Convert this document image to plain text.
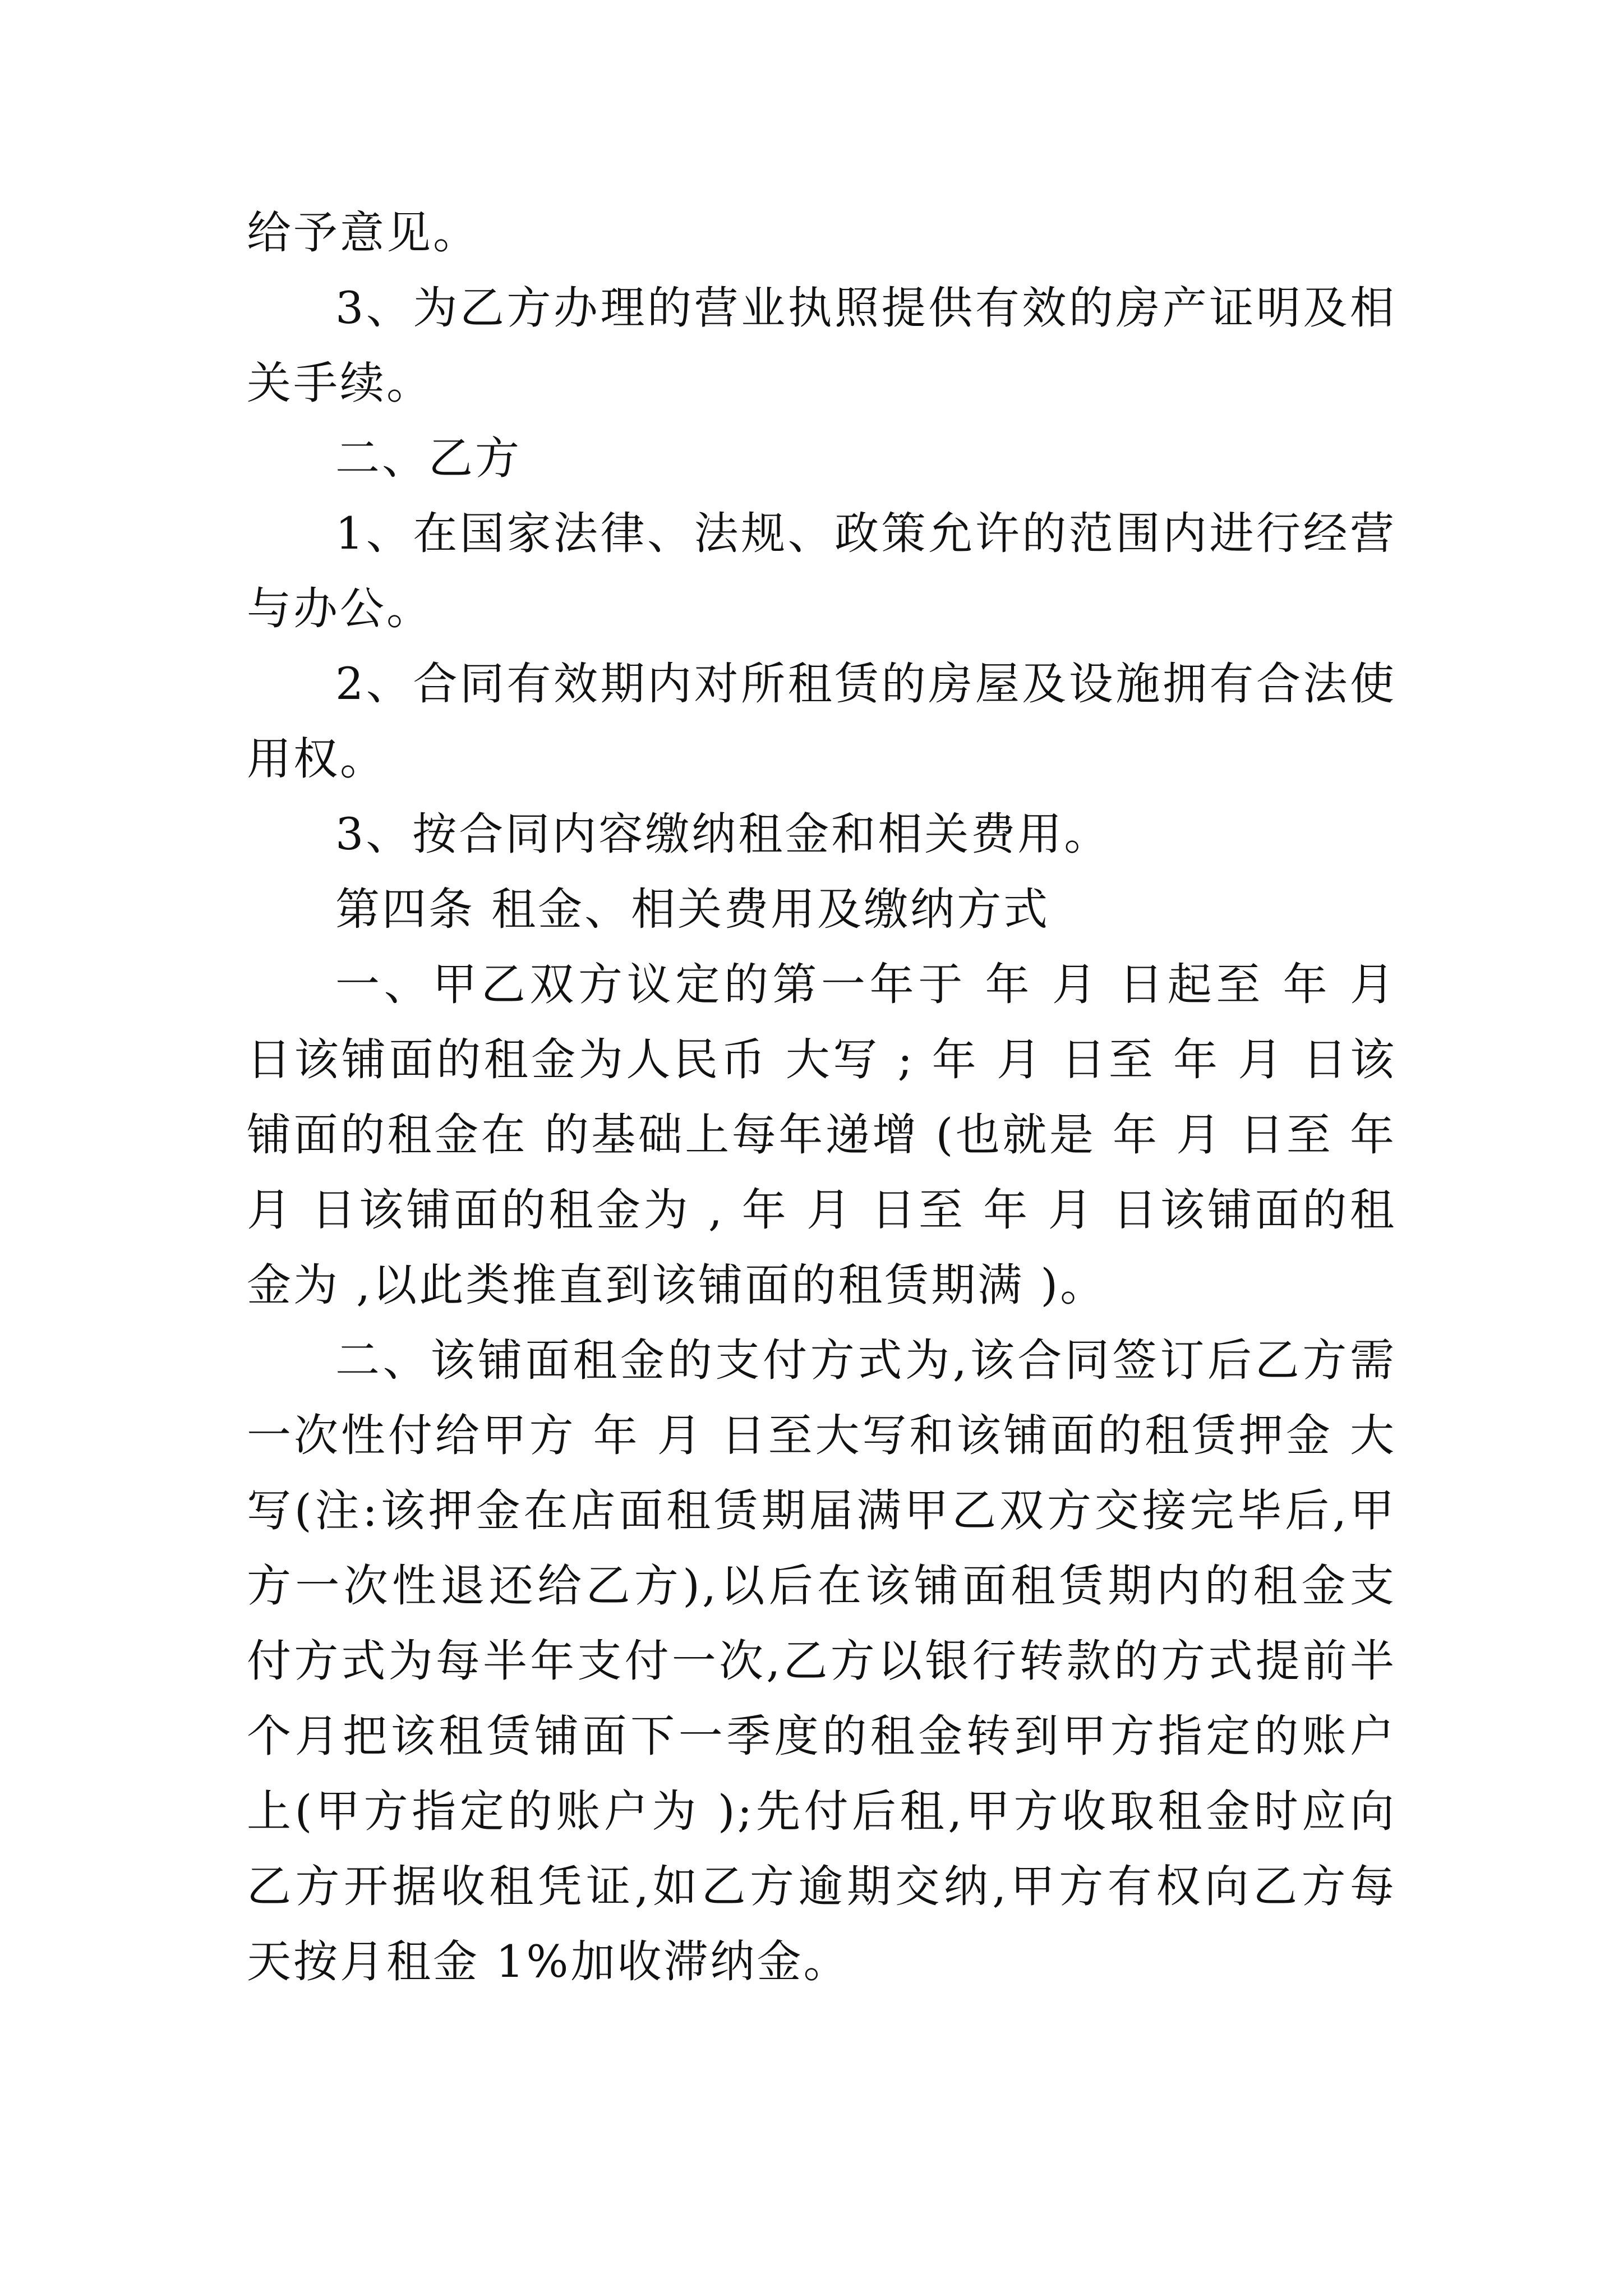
给予意见。

3、为乙方办理的营业执照提供有效的房产证明及相关手续。

二、乙方

1、在国家法律、法规、政策允许的范围内进行经营与办公。

2、合同有效期内对所租赁的房屋及设施拥有合法使用权。

3、按合同内容缴纳租金和相关费用。

第四条 租金、相关费用及缴纳方式

一、甲乙双方议定的第一年于 年 月 日起至 年 月 日该铺面的租金为人民币 大写 ; 年 月 日至 年 月 日该铺面的租金在 的基础上每年递增 (也就是 年 月 日至 年 月 日该铺面的租金为 , 年 月 日至 年 月 日该铺面的租金为 ,以此类推直到该铺面的租赁期满 )。

二、该铺面租金的支付方式为,该合同签订后乙方需一次性付给甲方 年 月 日至大写和该铺面的租赁押金 大写(注:该押金在店面租赁期届满甲乙双方交接完毕后,甲方一次性退还给乙方),以后在该铺面租赁期内的租金支付方式为每半年支付一次,乙方以银行转款的方式提前半个月把该租赁铺面下一季度的租金转到甲方指定的账户上(甲方指定的账户为 );先付后租,甲方收取租金时应向乙方开据收租凭证,如乙方逾期交纳,甲方有权向乙方每天按月租金 1%加收滞纳金。
